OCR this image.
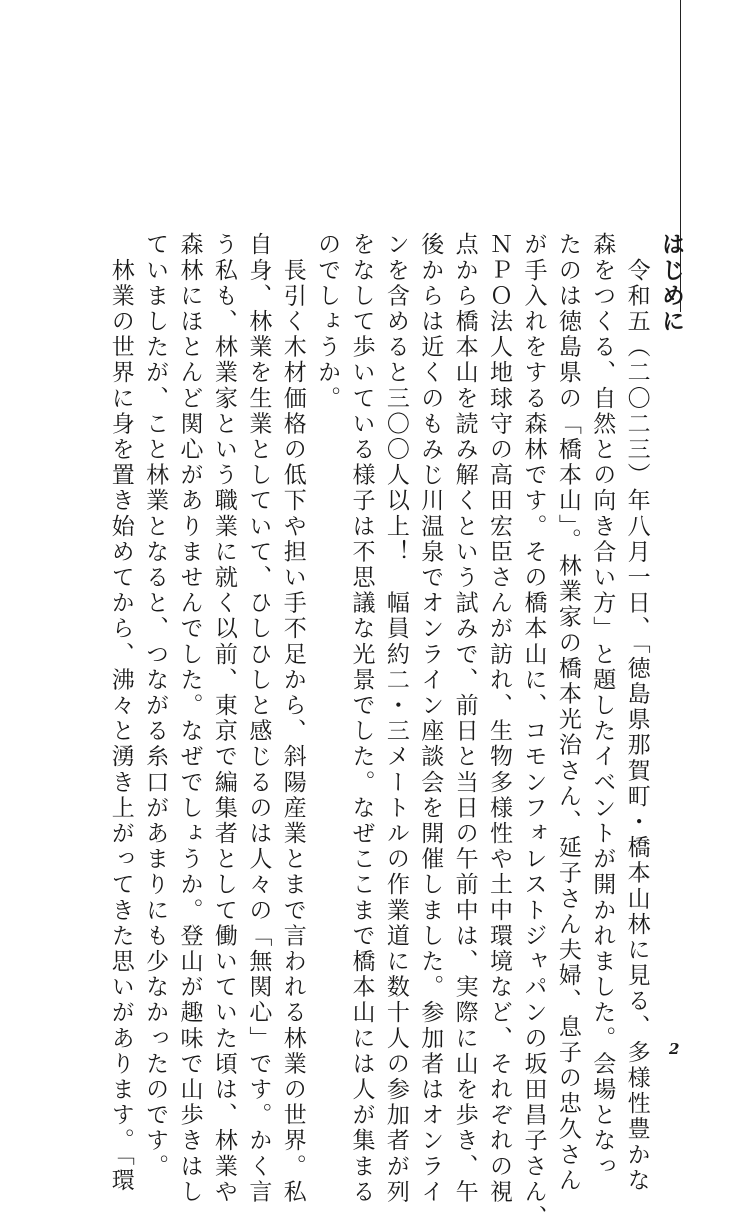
はじめに
　令和五（二〇二三）年八月一日、「徳島県那賀町・橋本山林に見る、多様性豊かな
森をつくる、自然との向き合い方」と題したイベントが開かれました。会場となっ
たのは徳島県の「橋本山」。林業家の橋本光治さん、延子さん夫婦、息子の忠久さん
が手入れをする森林です。その橋本山に、コモンフォレストジャパンの坂田昌子さん、
ＮＰＯ法人地球守の高田宏臣さんが訪れ、生物多様性や土中環境など、それぞれの視
点から橋本山を読み解くという試みで、前日と当日の午前中は、実際に山を歩き、午
後からは近くのもみじ川温泉でオンライン座談会を開催しました。参加者はオンライ
ンを含めると三〇〇人以上！　幅員約二・三メートルの作業道に数十人の参加者が列
をなして歩いている様子は不思議な光景でした。なぜここまで橋本山には人が集まる
のでしょうか。
　長引く木材価格の低下や担い手不足から、斜陽産業とまで言われる林業の世界。私
自身、林業を生業としていて、ひしひしと感じるのは人々の「無関心」です。かく言
う私も、林業家という職業に就く以前、東京で編集者として働いていた頃は、林業や
森林にほとんど関心がありませんでした。なぜでしょうか。登山が趣味で山歩きはし
ていましたが、こと林業となると、つながる糸口があまりにも少なかったのです。
　林業の世界に身を置き始めてから、沸々と湧き上がってきた思いがあります。「環	2
